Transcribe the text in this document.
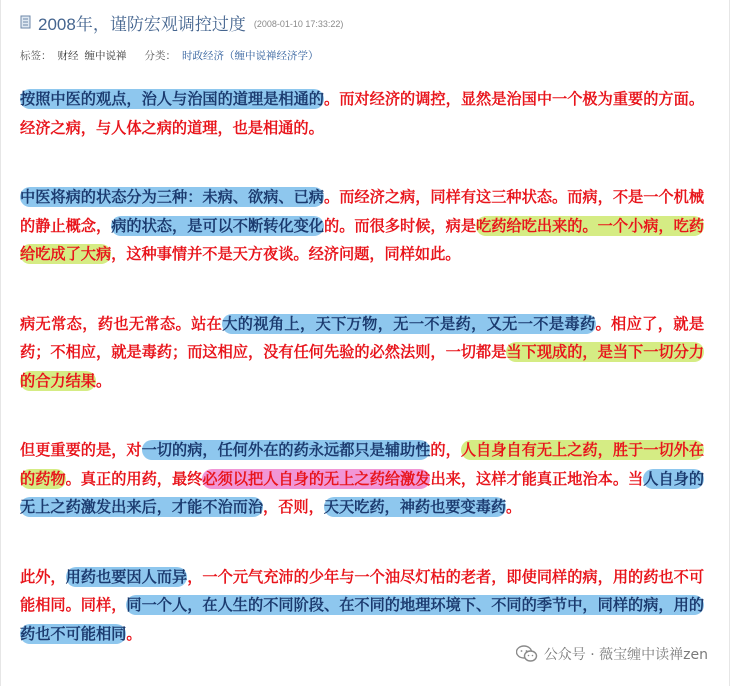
2008年，谨防宏观调控过度 (2008-01-10 17:33:22)
标签： 财经 缠中说禅 分类： 时政经济（缠中说禅经济学）

按照中医的观点，治人与治国的道理是相通的。而对经济的调控，显然是治国中一个极为重要的方面。经济之病，与人体之病的道理，也是相通的。

中医将病的状态分为三种：未病、欲病、已病。而经济之病，同样有这三种状态。而病，不是一个机械的静止概念，病的状态，是可以不断转化变化的。而很多时候，病是吃药给吃出来的。一个小病，吃药给吃成了大病，这种事情并不是天方夜谈。经济问题，同样如此。

病无常态，药也无常态。站在大的视角上，天下万物，无一不是药，又无一不是毒药。相应了，就是药；不相应，就是毒药；而这相应，没有任何先验的必然法则，一切都是当下现成的，是当下一切分力的合力结果。

但更重要的是，对一切的病，任何外在的药永远都只是辅助性的，人自身自有无上之药，胜于一切外在的药物。真正的用药，最终必须以把人自身的无上之药给激发出来，这样才能真正地治本。当人自身的无上之药激发出来后，才能不治而治，否则，天天吃药，神药也要变毒药。

此外，用药也要因人而异，一个元气充沛的少年与一个油尽灯枯的老者，即使同样的病，用的药也不可能相同。同样，同一个人，在人生的不同阶段、在不同的地理环境下、不同的季节中，同样的病，用的药也不可能相同。

公众号 · 薇宝缠中读禅zen
